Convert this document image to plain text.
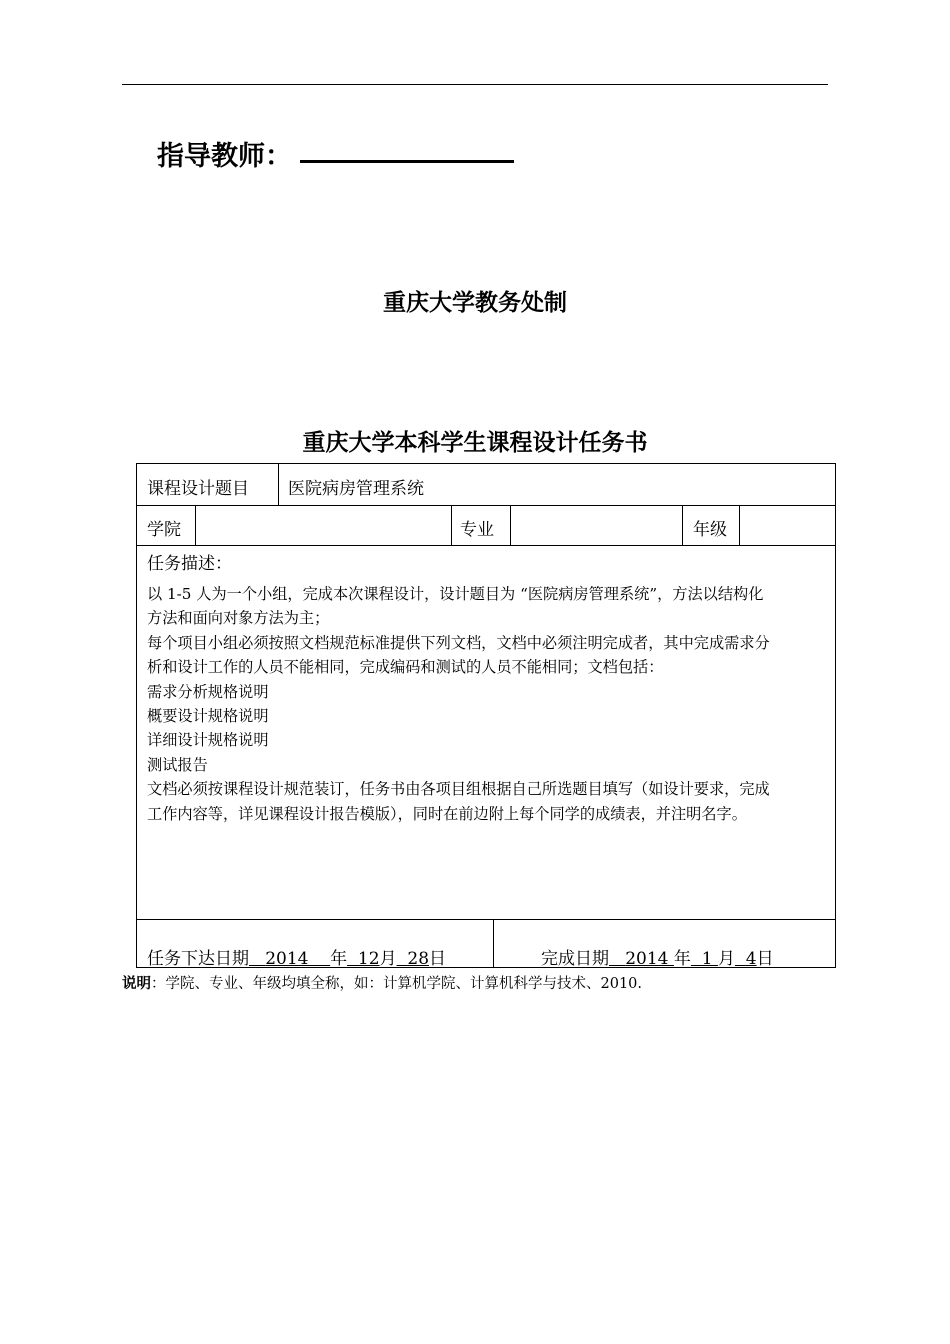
指导教师：
重庆大学教务处制
重庆大学本科学生课程设计任务书
课程设计题目 医院病房管理系统
学院	专业	年级
任务描述：

以 1-5 人为一个小组，完成本次课程设计，设计题目为 “医院病房管理系统”，方法以结构化

方法和面向对象方法为主；

每个项目小组必须按照文档规范标准提供下列文档，文档中必须注明完成者，其中完成需求分

析和设计工作的人员不能相同，完成编码和测试的人员不能相同；文档包括：

需求分析规格说明

概要设计规格说明

详细设计规格说明

测试报告

文档必须按课程设计规范装订，任务书由各项目组根据自己所选题目填写（如设计要求，完成

工作内容等，详见课程设计报告模版），同时在前边附上每个同学的成绩表，并注明名字。

任务下达日期 2014 年 12月 28日	完成日期 2014 年 1 月 4日
说明：学院、专业、年级均填全称，如：计算机学院、计算机科学与技术、2010.
